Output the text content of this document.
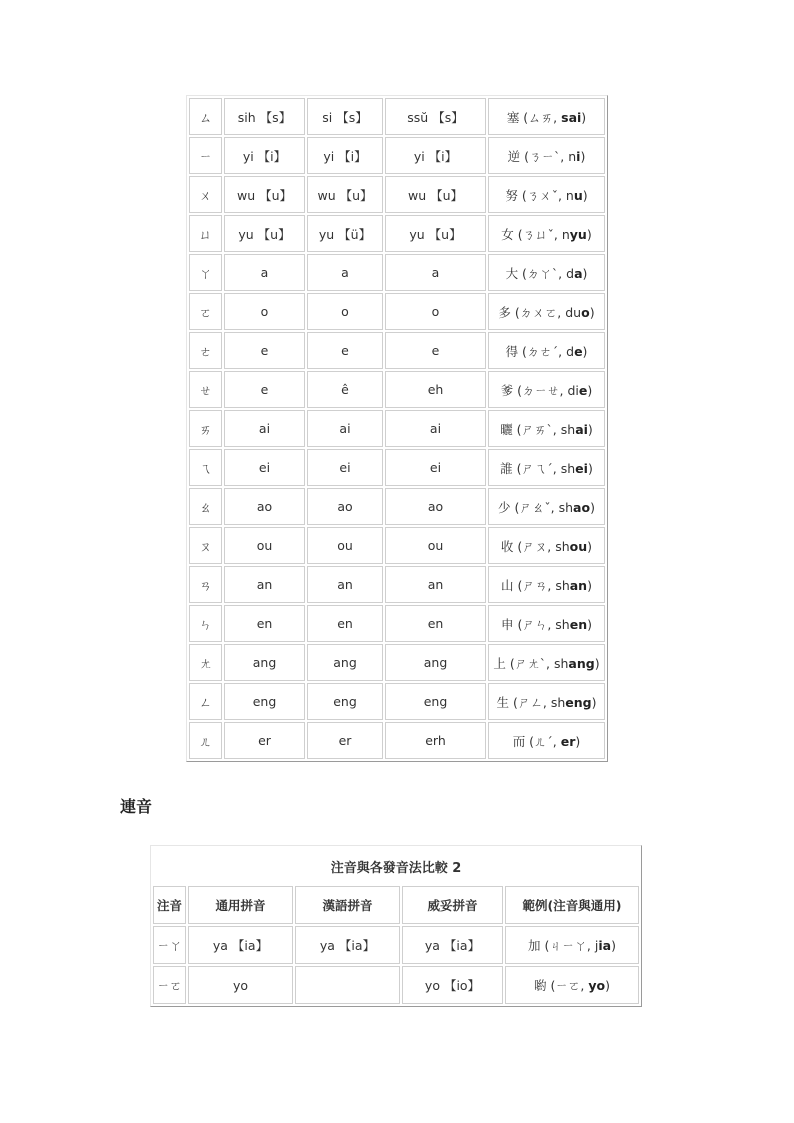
ㄙ	sih 【s】	si 【s】	ssŭ 【s】	塞 (ㄙㄞ, sai)
ㄧ	yi 【i】	yi 【i】	yi 【i】	逆 (ㄋㄧˋ, ni)
ㄨ	wu 【u】	wu 【u】	wu 【u】	努 (ㄋㄨˇ, nu)
ㄩ	yu 【u】	yu 【ü】	yu 【u】	女 (ㄋㄩˇ, nyu)
ㄚ	a	a	a	大 (ㄉㄚˋ, da)
ㄛ	o	o	o	多 (ㄉㄨㄛ, duo)
ㄜ	e	e	e	得 (ㄉㄜˊ, de)
ㄝ	e	ê	eh	爹 (ㄉㄧㄝ, die)
ㄞ	ai	ai	ai	曬 (ㄕㄞˋ, shai)
ㄟ	ei	ei	ei	誰 (ㄕㄟˊ, shei)
ㄠ	ao	ao	ao	少 (ㄕㄠˇ, shao)
ㄡ	ou	ou	ou	收 (ㄕㄡ, shou)
ㄢ	an	an	an	山 (ㄕㄢ, shan)
ㄣ	en	en	en	申 (ㄕㄣ, shen)
ㄤ	ang	ang	ang	上 (ㄕㄤˋ, shang)
ㄥ	eng	eng	eng	生 (ㄕㄥ, sheng)
ㄦ	er	er	erh	而 (ㄦˊ, er)
連音
注音與各發音法比較 2				
注音	通用拼音	漢語拼音	威妥拼音	範例(注音與通用)
ㄧㄚ	ya 【ia】	ya 【ia】	ya 【ia】	加 (ㄐㄧㄚ, jia)
ㄧㄛ	yo		yo 【io】	喲 (ㄧㄛ, yo)
